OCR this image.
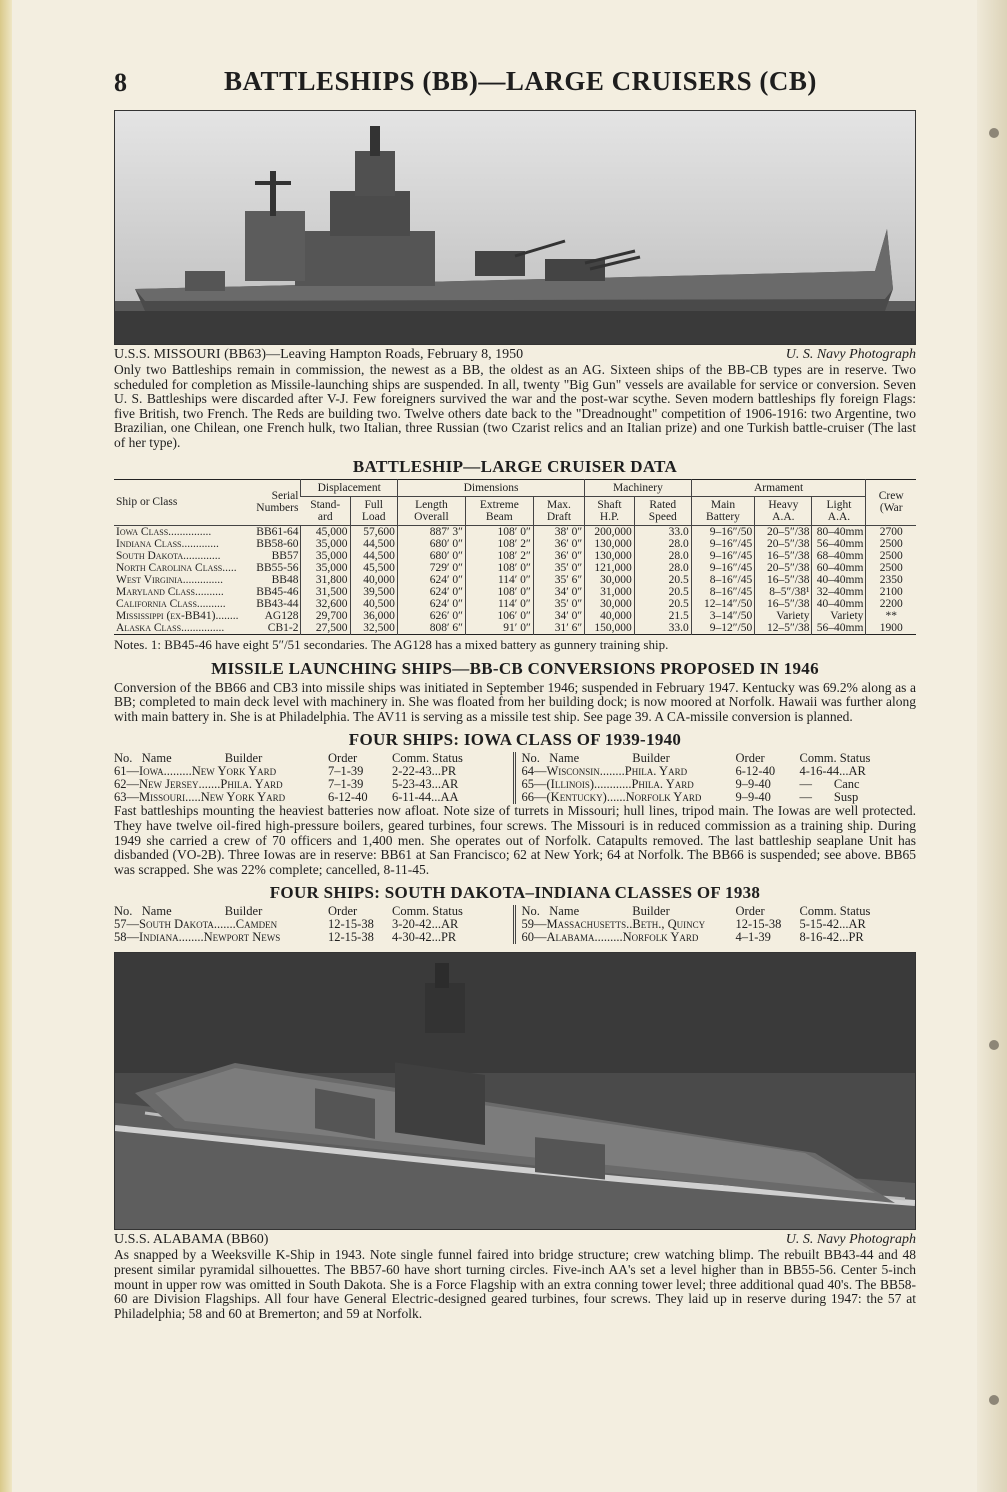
8	BATTLESHIPS (BB)—LARGE CRUISERS (CB)
U.S.S. MISSOURI (BB63)—Leaving Hampton Roads, February 8, 1950	U. S. Navy Photograph

Only two Battleships remain in commission, the newest as a BB, the oldest as an AG. Sixteen ships of the BB-CB types are in reserve. Two scheduled for completion as Missile-launching ships are suspended. In all, twenty "Big Gun" vessels are available for service or conversion. Seven U. S. Battleships were discarded after V-J. Few foreigners survived the war and the post-war scythe. Seven modern battleships fly foreign Flags: five British, two French. The Reds are building two. Twelve others date back to the "Dreadnought" competition of 1906-1916: two Argentine, two Brazilian, one Chilean, one French hulk, two Italian, three Russian (two Czarist relics and an Italian prize) and one Turkish battle-cruiser (The last of her type).

BATTLESHIP—LARGE CRUISER DATA
Ship or Class	Serial Numbers	Displacement		Dimensions			Machinery		Armament			Crew (War
		Stand- ard	Full Load	Length Overall	Extreme Beam	Max. Draft	Shaft H.P.	Rated Speed	Main Battery	Heavy A.A.	Light A.A.	
Iowa Class...............	BB61-64	45,000	57,600	887′ 3″	108′ 0″	38′ 0″	200,000	33.0	9–16″/50	20–5″/38	80–40mm	2700
Indiana Class.............	BB58-60	35,000	44,500	680′ 0″	108′ 2″	36′ 0″	130,000	28.0	9–16″/45	20–5″/38	56–40mm	2500
South Dakota.............	BB57	35,000	44,500	680′ 0″	108′ 2″	36′ 0″	130,000	28.0	9–16″/45	16–5″/38	68–40mm	2500
North Carolina Class.....	BB55-56	35,000	45,500	729′ 0″	108′ 0″	35′ 0″	121,000	28.0	9–16″/45	20–5″/38	60–40mm	2500
West Virginia..............	BB48	31,800	40,000	624′ 0″	114′ 0″	35′ 6″	30,000	20.5	8–16″/45	16–5″/38	40–40mm	2350
Maryland Class..........	BB45-46	31,500	39,500	624′ 0″	108′ 0″	34′ 0″	31,000	20.5	8–16″/45	8–5″/38¹	32–40mm	2100
California Class..........	BB43-44	32,600	40,500	624′ 0″	114′ 0″	35′ 0″	30,000	20.5	12–14″/50	16–5″/38	40–40mm	2200
Mississippi (ex-BB41)........	AG128	29,700	36,000	626′ 0″	106′ 0″	34′ 0″	40,000	21.5	3–14″/50	Variety	Variety	**
Alaska Class...............	CB1-2	27,500	32,500	808′ 6″	91′ 0″	31′ 6″	150,000	33.0	9–12″/50	12–5″/38	56–40mm	1900
Notes. 1: BB45-46 have eight 5″/51 secondaries. The AG128 has a mixed battery as gunnery training ship.
MISSILE LAUNCHING SHIPS—BB-CB CONVERSIONS PROPOSED IN 1946

Conversion of the BB66 and CB3 into missile ships was initiated in September 1946; suspended in February 1947. Kentucky was 69.2% along as a BB; completed to main deck level with machinery in. She was floated from her building dock; is now moored at Norfolk. Hawaii was further along with main battery in. She is at Philadelphia. The AV11 is serving as a missile test ship. See page 39. A CA-missile conversion is planned.

FOUR SHIPS: IOWA CLASS OF 1939-1940
No.   Name                 Builder	Order	Comm. Status
61—Iowa.........New York Yard	7–1-39	2-22-43...PR
62—New Jersey.......Phila. Yard	7–1-39	5-23-43...AR
63—Missouri.....New York Yard	6-12-40	6-11-44...AA
No.   Name                 Builder	Order	Comm. Status
64—Wisconsin........Phila. Yard	6-12-40	4-16-44...AR
65—(Illinois)............Phila. Yard	9–9-40	—       Canc
66—(Kentucky)......Norfolk Yard	9–9-40	—       Susp

Fast battleships mounting the heaviest batteries now afloat. Note size of turrets in Missouri; hull lines, tripod main. The Iowas are well protected. They have twelve oil-fired high-pressure boilers, geared turbines, four screws. The Missouri is in reduced commission as a training ship. During 1949 she carried a crew of 70 officers and 1,400 men. She operates out of Norfolk. Catapults removed. The last battleship seaplane Unit has disbanded (VO-2B). Three Iowas are in reserve: BB61 at San Francisco; 62 at New York; 64 at Norfolk. The BB66 is suspended; see above. BB65 was scrapped. She was 22% complete; cancelled, 8-11-45.

FOUR SHIPS: SOUTH DAKOTA–INDIANA CLASSES OF 1938
No.   Name                 Builder	Order	Comm. Status
57—South Dakota.......Camden	12-15-38	3-20-42...AR
58—Indiana........Newport News	12-15-38	4-30-42...PR
No.   Name                 Builder	Order	Comm. Status
59—Massachusetts..Beth., Quincy	12-15-38	5-15-42...AR
60—Alabama.........Norfolk Yard	4–1-39	8-16-42...PR
U.S.S. ALABAMA (BB60)	U. S. Navy Photograph

As snapped by a Weeksville K-Ship in 1943. Note single funnel faired into bridge structure; crew watching blimp. The rebuilt BB43-44 and 48 present similar pyramidal silhouettes. The BB57-60 have short turning circles. Five-inch AA's set a level higher than in BB55-56. Center 5-inch mount in upper row was omitted in South Dakota. She is a Force Flagship with an extra conning tower level; three additional quad 40's. The BB58-60 are Division Flagships. All four have General Electric-designed geared turbines, four screws. They laid up in reserve during 1947: the 57 at Philadelphia; 58 and 60 at Bremerton; and 59 at Norfolk.
